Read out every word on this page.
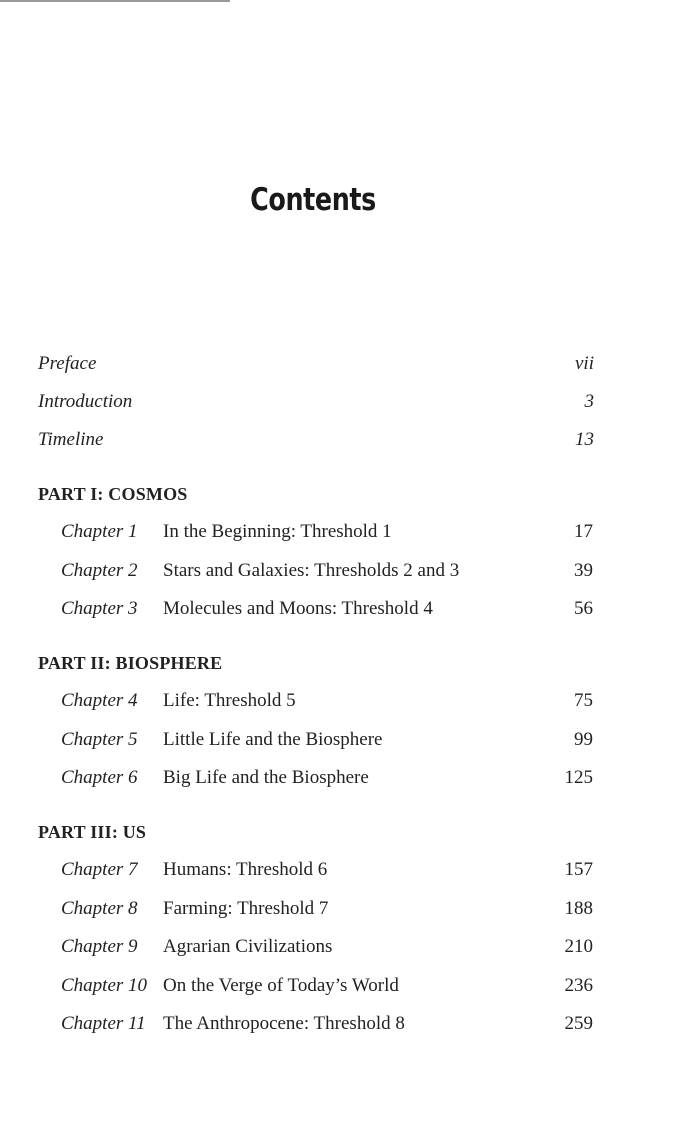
Contents
Preface	vii
Introduction	3
Timeline	13
PART I: COSMOS
Chapter 1 In the Beginning: Threshold 1	17
Chapter 2 Stars and Galaxies: Thresholds 2 and 3	39
Chapter 3 Molecules and Moons: Threshold 4	56
PART II: BIOSPHERE
Chapter 4 Life: Threshold 5	75
Chapter 5 Little Life and the Biosphere	99
Chapter 6 Big Life and the Biosphere	125
PART III: US
Chapter 7 Humans: Threshold 6	157
Chapter 8 Farming: Threshold 7	188
Chapter 9 Agrarian Civilizations	210
Chapter 10 On the Verge of Today’s World	236
Chapter 11 The Anthropocene: Threshold 8	259
